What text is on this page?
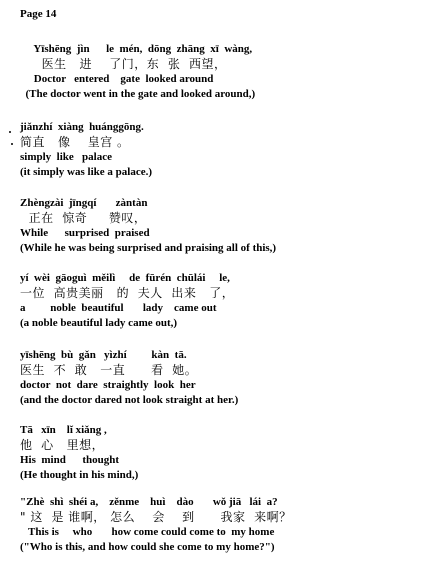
Page 14
Yīshēng  jìn      le  mén,  dōng  zhāng  xī  wàng,
医生   进    了门，东  张  西望，
Doctor   entered    gate  looked around
(The doctor went in the gate and looked around,)
jiǎnzhí  xiàng  huánggōng.
简直   像    皇宫 。
simply  like   palace
(it simply was like a palace.)
Zhèngzài  jīngqí       zàntàn
正在  惊奇     赞叹，
While      surprised  praised
(While he was being surprised and praising all of this,)
yí  wèi  gāoguì  měilì     de  fūrén  chūlái     le,
一位  高贵美丽   的  夫人  出来   了，
a         noble  beautiful       lady    came out
(a noble beautiful lady came out,)
yīshēng  bù  gǎn   yìzhí         kàn  tā.
医生  不  敢   一直      看  她。
doctor  not  dare  straightly  look  her
(and the doctor dared not look straight at her.)
Tā   xīn    lǐ xiǎng ,
他  心   里想，
His  mind      thought
(He thought in his mind,)
"Zhè  shì  shéi a,    zěnme    huì    dào       wǒ jiā   lái  a?
" 这  是 谁啊， 怎么    会    到      我家  来啊？
This is     who       how come could come to  my home
("Who is this, and how could she come to my home?")
